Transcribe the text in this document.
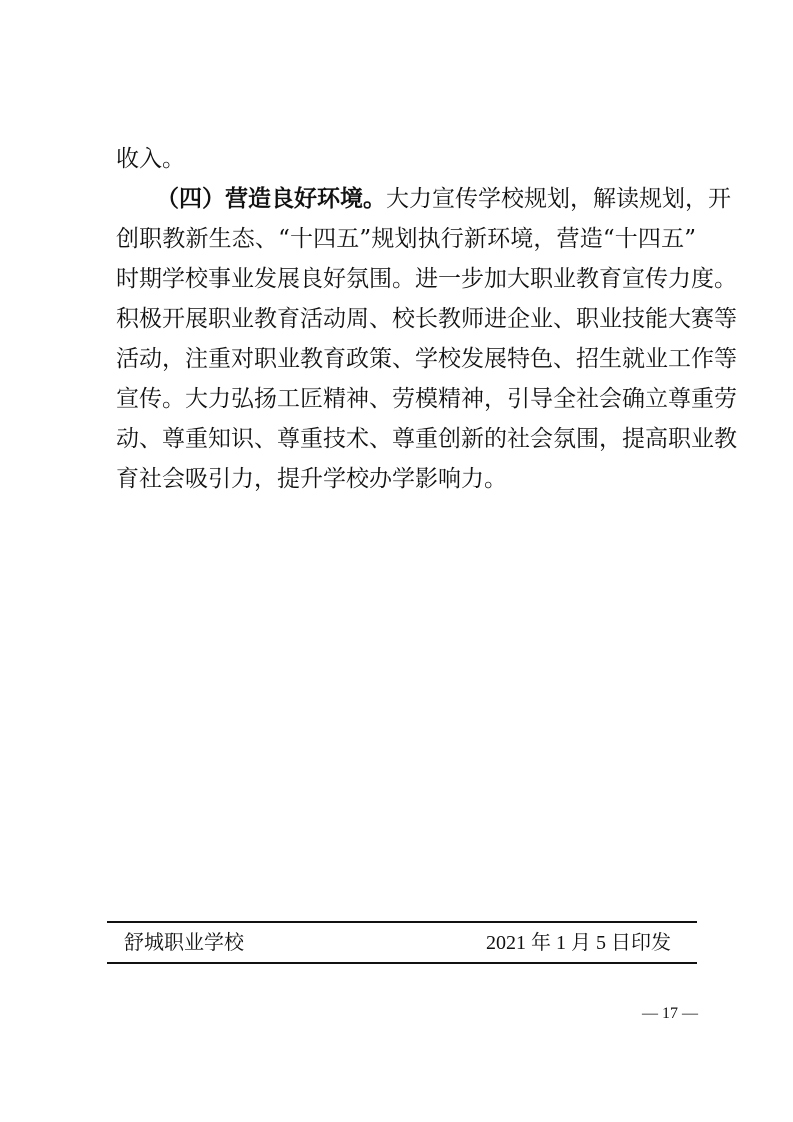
收入。
（四）营造良好环境。大力宣传学校规划，解读规划，开
创职教新生态、“十四五”规划执行新环境，营造“十四五”
时期学校事业发展良好氛围。进一步加大职业教育宣传力度。
积极开展职业教育活动周、校长教师进企业、职业技能大赛等
活动，注重对职业教育政策、学校发展特色、招生就业工作等
宣传。大力弘扬工匠精神、劳模精神，引导全社会确立尊重劳
动、尊重知识、尊重技术、尊重创新的社会氛围，提高职业教
育社会吸引力，提升学校办学影响力。
舒城职业学校	2021 年 1 月 5 日印发
— 17 —
